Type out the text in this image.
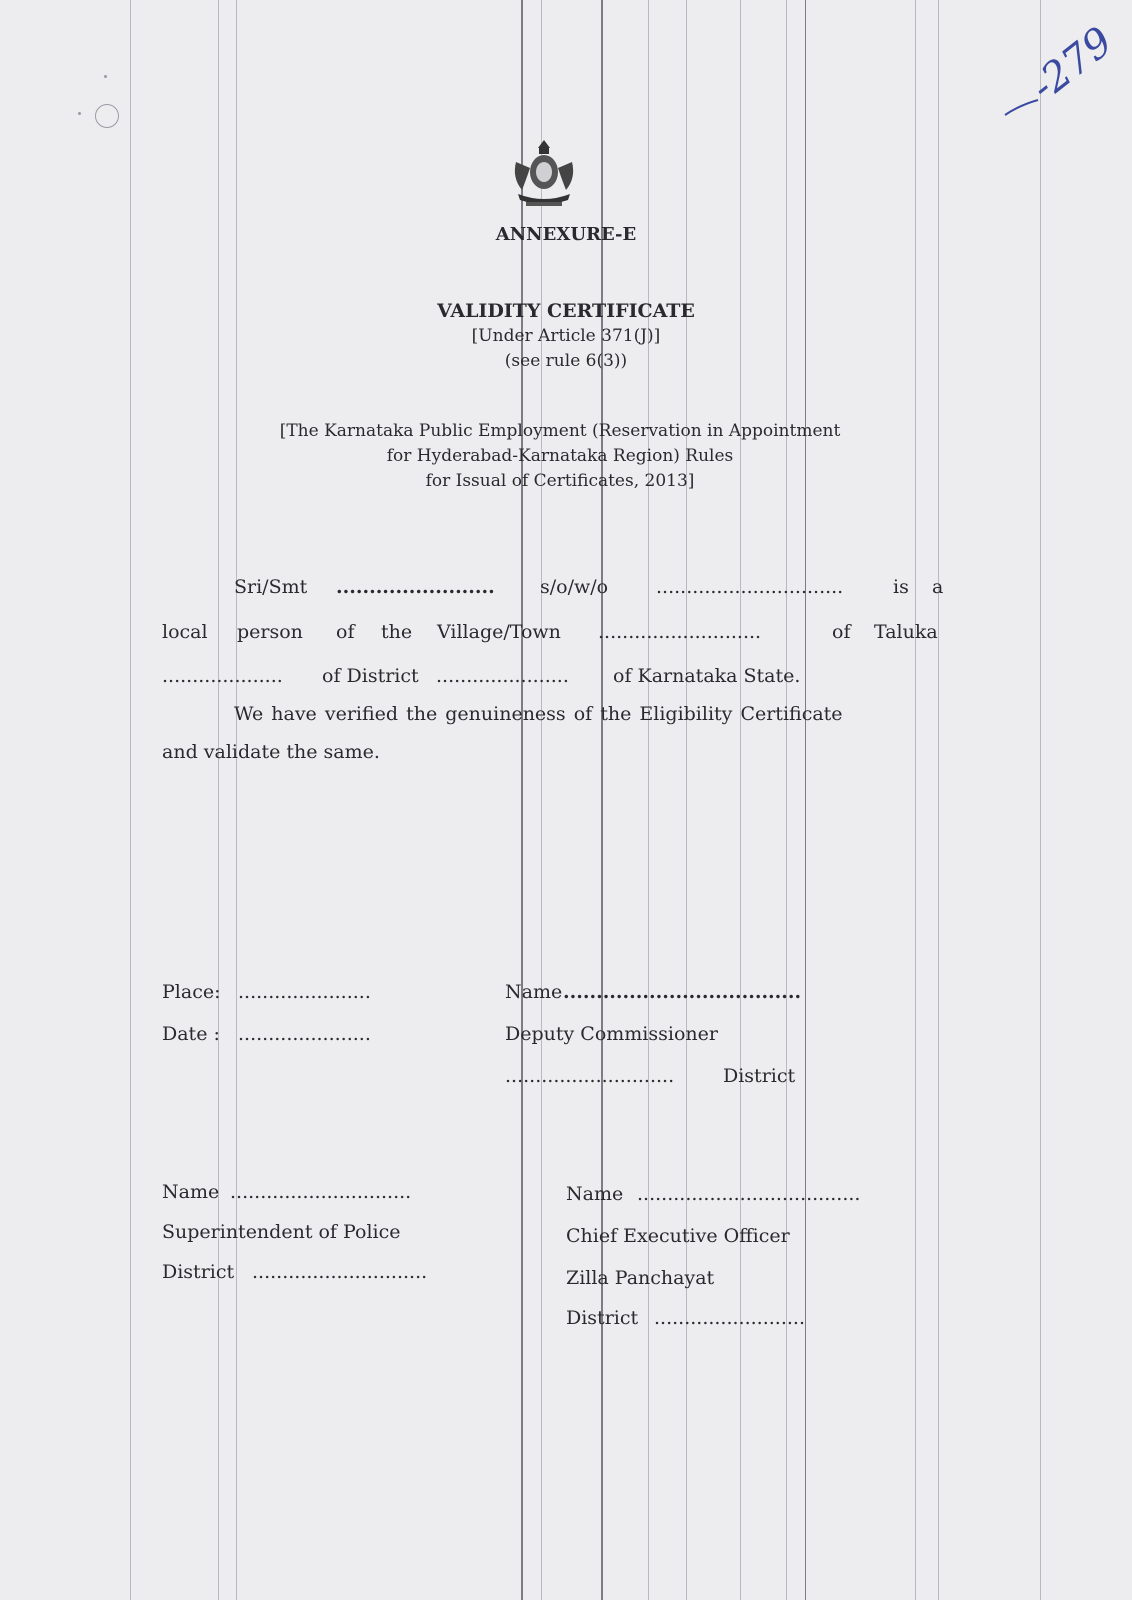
-279
ANNEXURE-E
VALIDITY CERTIFICATE
[Under Article 371(J)]
(see rule 6(3))
[The Karnataka Public Employment (Reservation in Appointment
for Hyderabad-Karnataka Region) Rules
for Issual of Certificates, 2013]
Sri/Smt ........................ s/o/w/o	...............................	is a
local person of the Village/Town ...........................	of Taluka
.................... of District ...................... of Karnataka State.
We have verified the genuineness of the Eligibility Certificate
and validate the same.
Place: ......................
Date : ......................
Name ....................................
Deputy Commissioner
............................	District
Name ..............................
Superintendent of Police
District .............................
Name .....................................
Chief Executive Officer
Zilla Panchayat
District .........................
